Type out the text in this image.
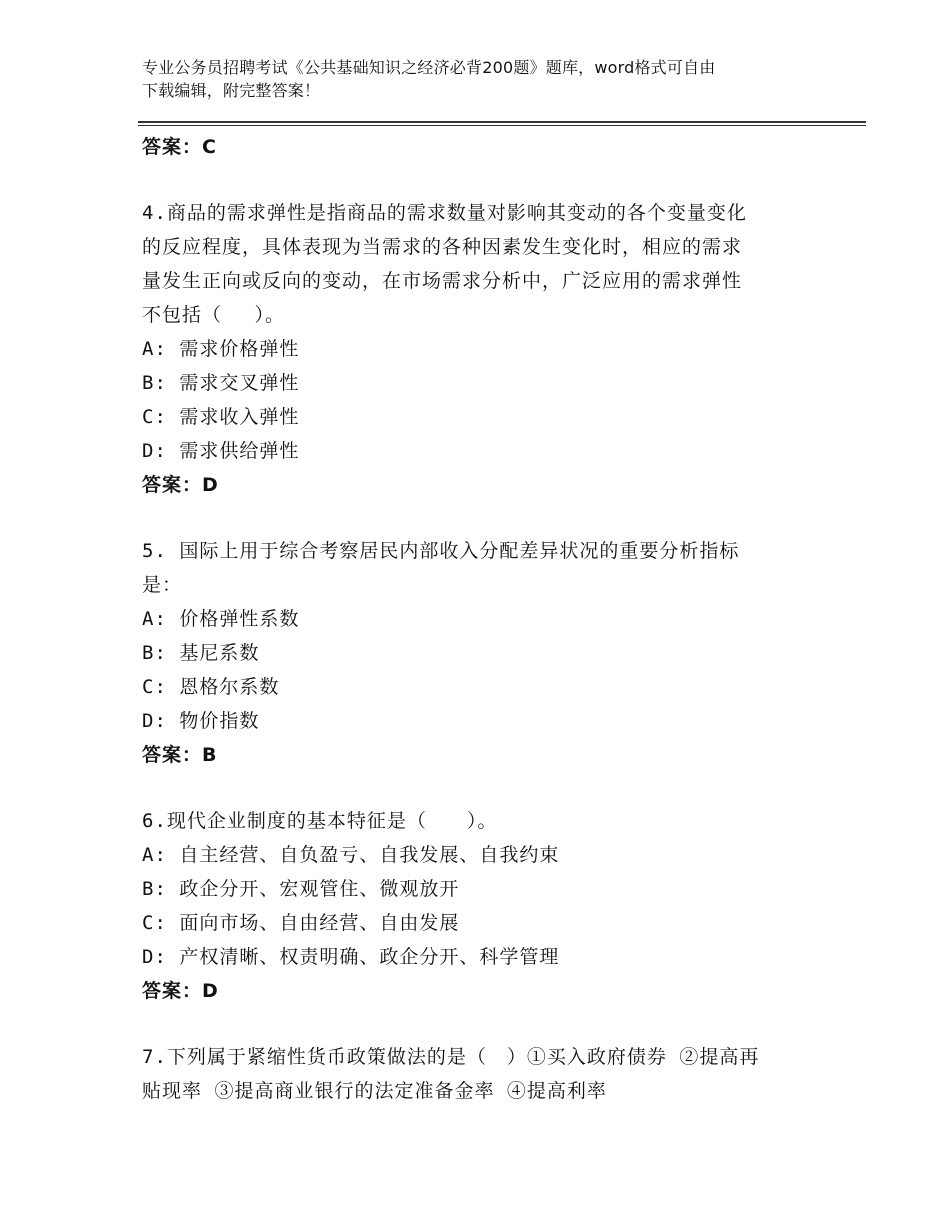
专业公务员招聘考试《公共基础知识之经济必背200题》题库，word格式可自由
下载编辑，附完整答案！
答案：C
4.商品的需求弹性是指商品的需求数量对影响其变动的各个变量变化
的反应程度，具体表现为当需求的各种因素发生变化时，相应的需求
量发生正向或反向的变动，在市场需求分析中，广泛应用的需求弹性
不包括（　 ）。
A: 需求价格弹性
B: 需求交叉弹性
C: 需求收入弹性
D: 需求供给弹性
答案：D
5. 国际上用于综合考察居民内部收入分配差异状况的重要分析指标
是：
A: 价格弹性系数
B: 基尼系数
C: 恩格尔系数
D: 物价指数
答案：B
6.现代企业制度的基本特征是（　　）。
A: 自主经营、自负盈亏、自我发展、自我约束
B: 政企分开、宏观管住、微观放开
C: 面向市场、自由经营、自由发展
D: 产权清晰、权责明确、政企分开、科学管理
答案：D
7.下列属于紧缩性货币政策做法的是（　）①买入政府债券 ②提高再
贴现率 ③提高商业银行的法定准备金率 ④提高利率
